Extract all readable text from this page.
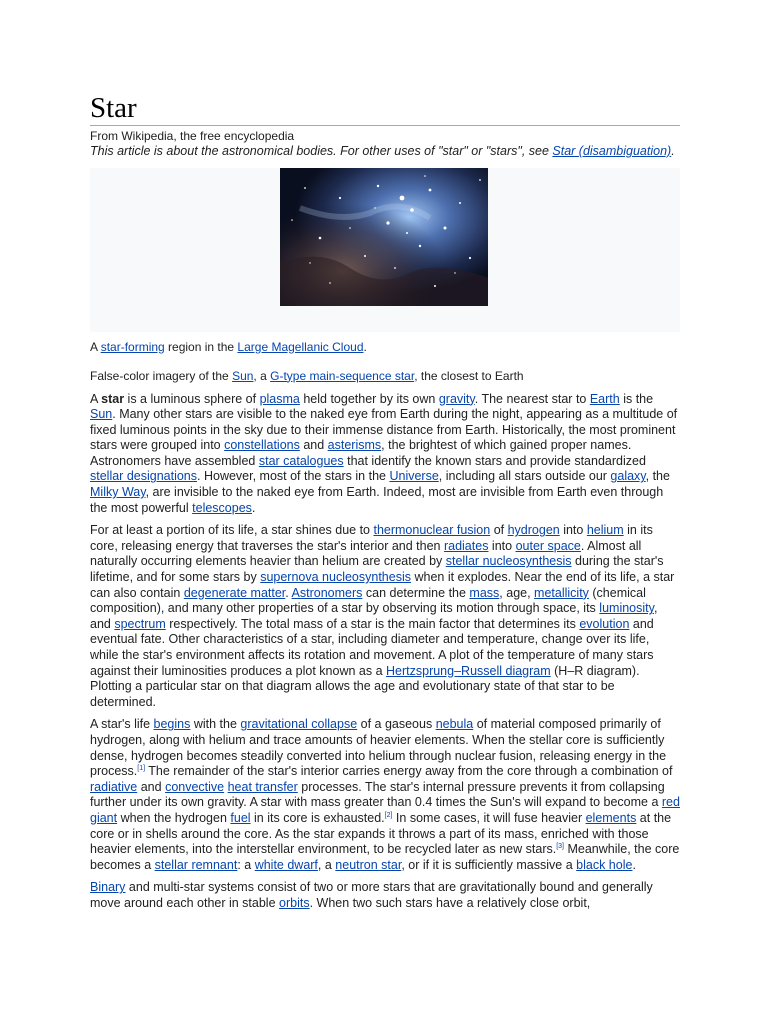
Star
From Wikipedia, the free encyclopedia
This article is about the astronomical bodies. For other uses of "star" or "stars", see Star (disambiguation).
A star-forming region in the Large Magellanic Cloud.
False-color imagery of the Sun, a G-type main-sequence star, the closest to Earth

A star is a luminous sphere of plasma held together by its own gravity. The nearest star to Earth is the Sun. Many other stars are visible to the naked eye from Earth during the night, appearing as a multitude of fixed luminous points in the sky due to their immense distance from Earth. Historically, the most prominent stars were grouped into constellations and asterisms, the brightest of which gained proper names. Astronomers have assembled star catalogues that identify the known stars and provide standardized stellar designations. However, most of the stars in the Universe, including all stars outside our galaxy, the Milky Way, are invisible to the naked eye from Earth. Indeed, most are invisible from Earth even through the most powerful telescopes.

For at least a portion of its life, a star shines due to thermonuclear fusion of hydrogen into helium in its core, releasing energy that traverses the star's interior and then radiates into outer space. Almost all naturally occurring elements heavier than helium are created by stellar nucleosynthesis during the star's lifetime, and for some stars by supernova nucleosynthesis when it explodes. Near the end of its life, a star can also contain degenerate matter. Astronomers can determine the mass, age, metallicity (chemical composition), and many other properties of a star by observing its motion through space, its luminosity, and spectrum respectively. The total mass of a star is the main factor that determines its evolution and eventual fate. Other characteristics of a star, including diameter and temperature, change over its life, while the star's environment affects its rotation and movement. A plot of the temperature of many stars against their luminosities produces a plot known as a Hertzsprung–Russell diagram (H–R diagram). Plotting a particular star on that diagram allows the age and evolutionary state of that star to be determined.

A star's life begins with the gravitational collapse of a gaseous nebula of material composed primarily of hydrogen, along with helium and trace amounts of heavier elements. When the stellar core is sufficiently dense, hydrogen becomes steadily converted into helium through nuclear fusion, releasing energy in the process.[1] The remainder of the star's interior carries energy away from the core through a combination of radiative and convective heat transfer processes. The star's internal pressure prevents it from collapsing further under its own gravity. A star with mass greater than 0.4 times the Sun's will expand to become a red giant when the hydrogen fuel in its core is exhausted.[2] In some cases, it will fuse heavier elements at the core or in shells around the core. As the star expands it throws a part of its mass, enriched with those heavier elements, into the interstellar environment, to be recycled later as new stars.[3] Meanwhile, the core becomes a stellar remnant: a white dwarf, a neutron star, or if it is sufficiently massive a black hole.

Binary and multi-star systems consist of two or more stars that are gravitationally bound and generally move around each other in stable orbits. When two such stars have a relatively close orbit,
